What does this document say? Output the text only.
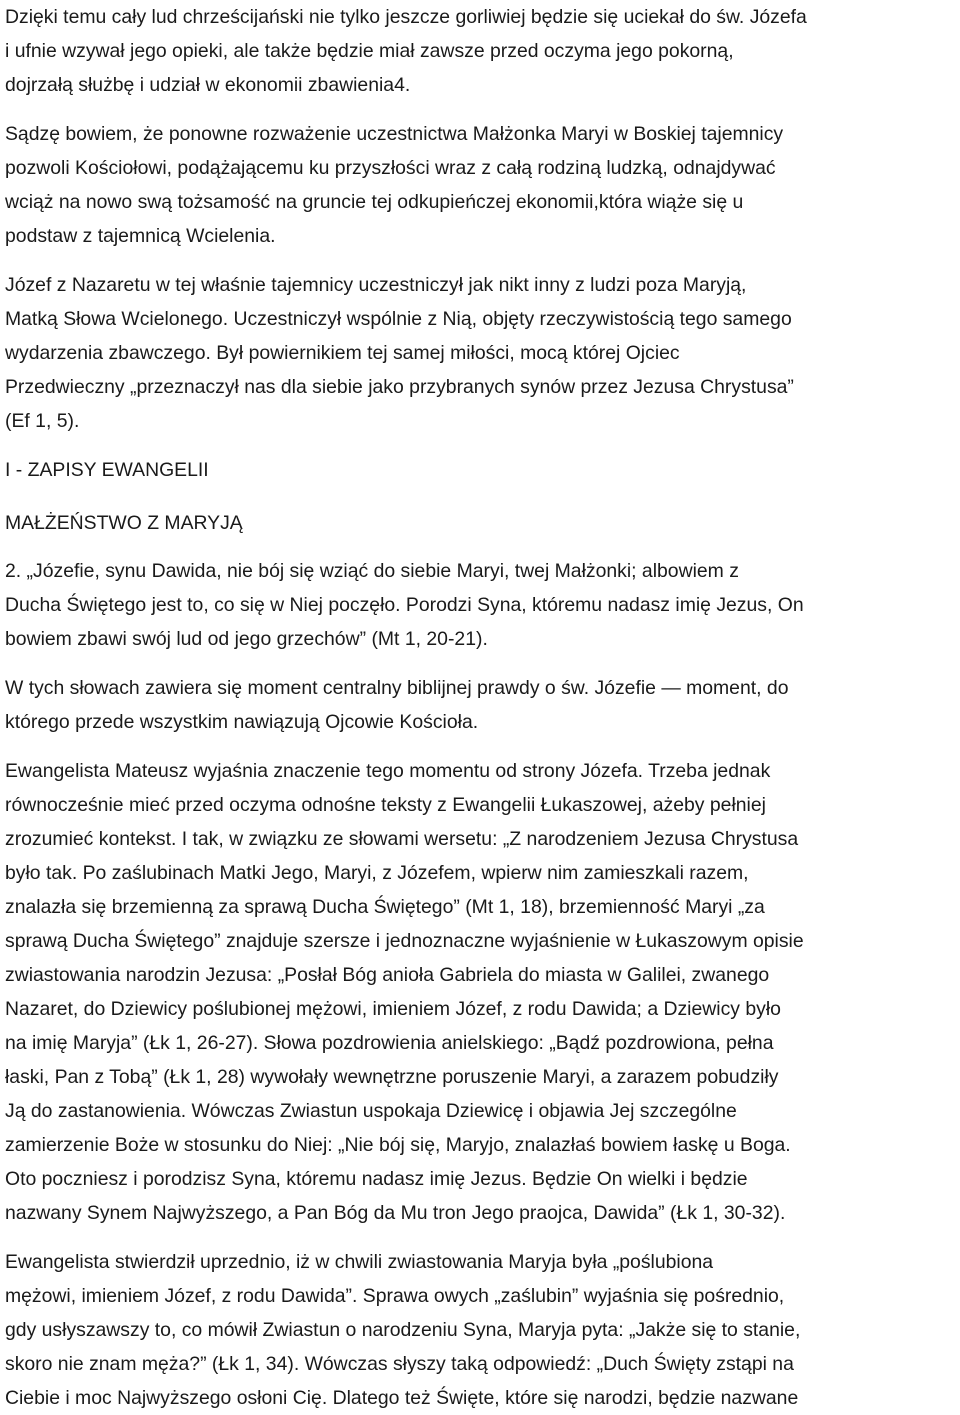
Dzięki temu cały lud chrześcijański nie tylko jeszcze gorliwiej będzie się uciekał do św. Józefa
i ufnie wzywał jego opieki, ale także będzie miał zawsze przed oczyma jego pokorną,
dojrzałą służbę i udział w ekonomii zbawienia4.
Sądzę bowiem, że ponowne rozważenie uczestnictwa Małżonka Maryi w Boskiej tajemnicy
pozwoli Kościołowi, podążającemu ku przyszłości wraz z całą rodziną ludzką, odnajdywać
wciąż na nowo swą tożsamość na gruncie tej odkupieńczej ekonomii,która wiąże się u
podstaw z tajemnicą Wcielenia.
Józef z Nazaretu w tej właśnie tajemnicy uczestniczył jak nikt inny z ludzi poza Maryją,
Matką Słowa Wcielonego. Uczestniczył wspólnie z Nią, objęty rzeczywistością tego samego
wydarzenia zbawczego. Był powiernikiem tej samej miłości, mocą której Ojciec
Przedwieczny „przeznaczył nas dla siebie jako przybranych synów przez Jezusa Chrystusa”
(Ef 1, 5).
I - ZAPISY EWANGELII
MAŁŻEŃSTWO Z MARYJĄ
2. „Józefie, synu Dawida, nie bój się wziąć do siebie Maryi, twej Małżonki; albowiem z
Ducha Świętego jest to, co się w Niej poczęło. Porodzi Syna, któremu nadasz imię Jezus, On
bowiem zbawi swój lud od jego grzechów” (Mt 1, 20-21).
W tych słowach zawiera się moment centralny biblijnej prawdy o św. Józefie — moment, do
którego przede wszystkim nawiązują Ojcowie Kościoła.
Ewangelista Mateusz wyjaśnia znaczenie tego momentu od strony Józefa. Trzeba jednak
równocześnie mieć przed oczyma odnośne teksty z Ewangelii Łukaszowej, ażeby pełniej
zrozumieć kontekst. I tak, w związku ze słowami wersetu: „Z narodzeniem Jezusa Chrystusa
było tak. Po zaślubinach Matki Jego, Maryi, z Józefem, wpierw nim zamieszkali razem,
znalazła się brzemienną za sprawą Ducha Świętego” (Mt 1, 18), brzemienność Maryi „za
sprawą Ducha Świętego” znajduje szersze i jednoznaczne wyjaśnienie w Łukaszowym opisie
zwiastowania narodzin Jezusa: „Posłał Bóg anioła Gabriela do miasta w Galilei, zwanego
Nazaret, do Dziewicy poślubionej mężowi, imieniem Józef, z rodu Dawida; a Dziewicy było
na imię Maryja” (Łk 1, 26-27). Słowa pozdrowienia anielskiego: „Bądź pozdrowiona, pełna
łaski, Pan z Tobą” (Łk 1, 28) wywołały wewnętrzne poruszenie Maryi, a zarazem pobudziły
Ją do zastanowienia. Wówczas Zwiastun uspokaja Dziewicę i objawia Jej szczególne
zamierzenie Boże w stosunku do Niej: „Nie bój się, Maryjo, znalazłaś bowiem łaskę u Boga.
Oto poczniesz i porodzisz Syna, któremu nadasz imię Jezus. Będzie On wielki i będzie
nazwany Synem Najwyższego, a Pan Bóg da Mu tron Jego praojca, Dawida” (Łk 1, 30-32).
Ewangelista stwierdził uprzednio, iż w chwili zwiastowania Maryja była „poślubiona
mężowi, imieniem Józef, z rodu Dawida”. Sprawa owych „zaślubin” wyjaśnia się pośrednio,
gdy usłyszawszy to, co mówił Zwiastun o narodzeniu Syna, Maryja pyta: „Jakże się to stanie,
skoro nie znam męża?” (Łk 1, 34). Wówczas słyszy taką odpowiedź: „Duch Święty zstąpi na
Ciebie i moc Najwyższego osłoni Cię. Dlatego też Święte, które się narodzi, będzie nazwane
